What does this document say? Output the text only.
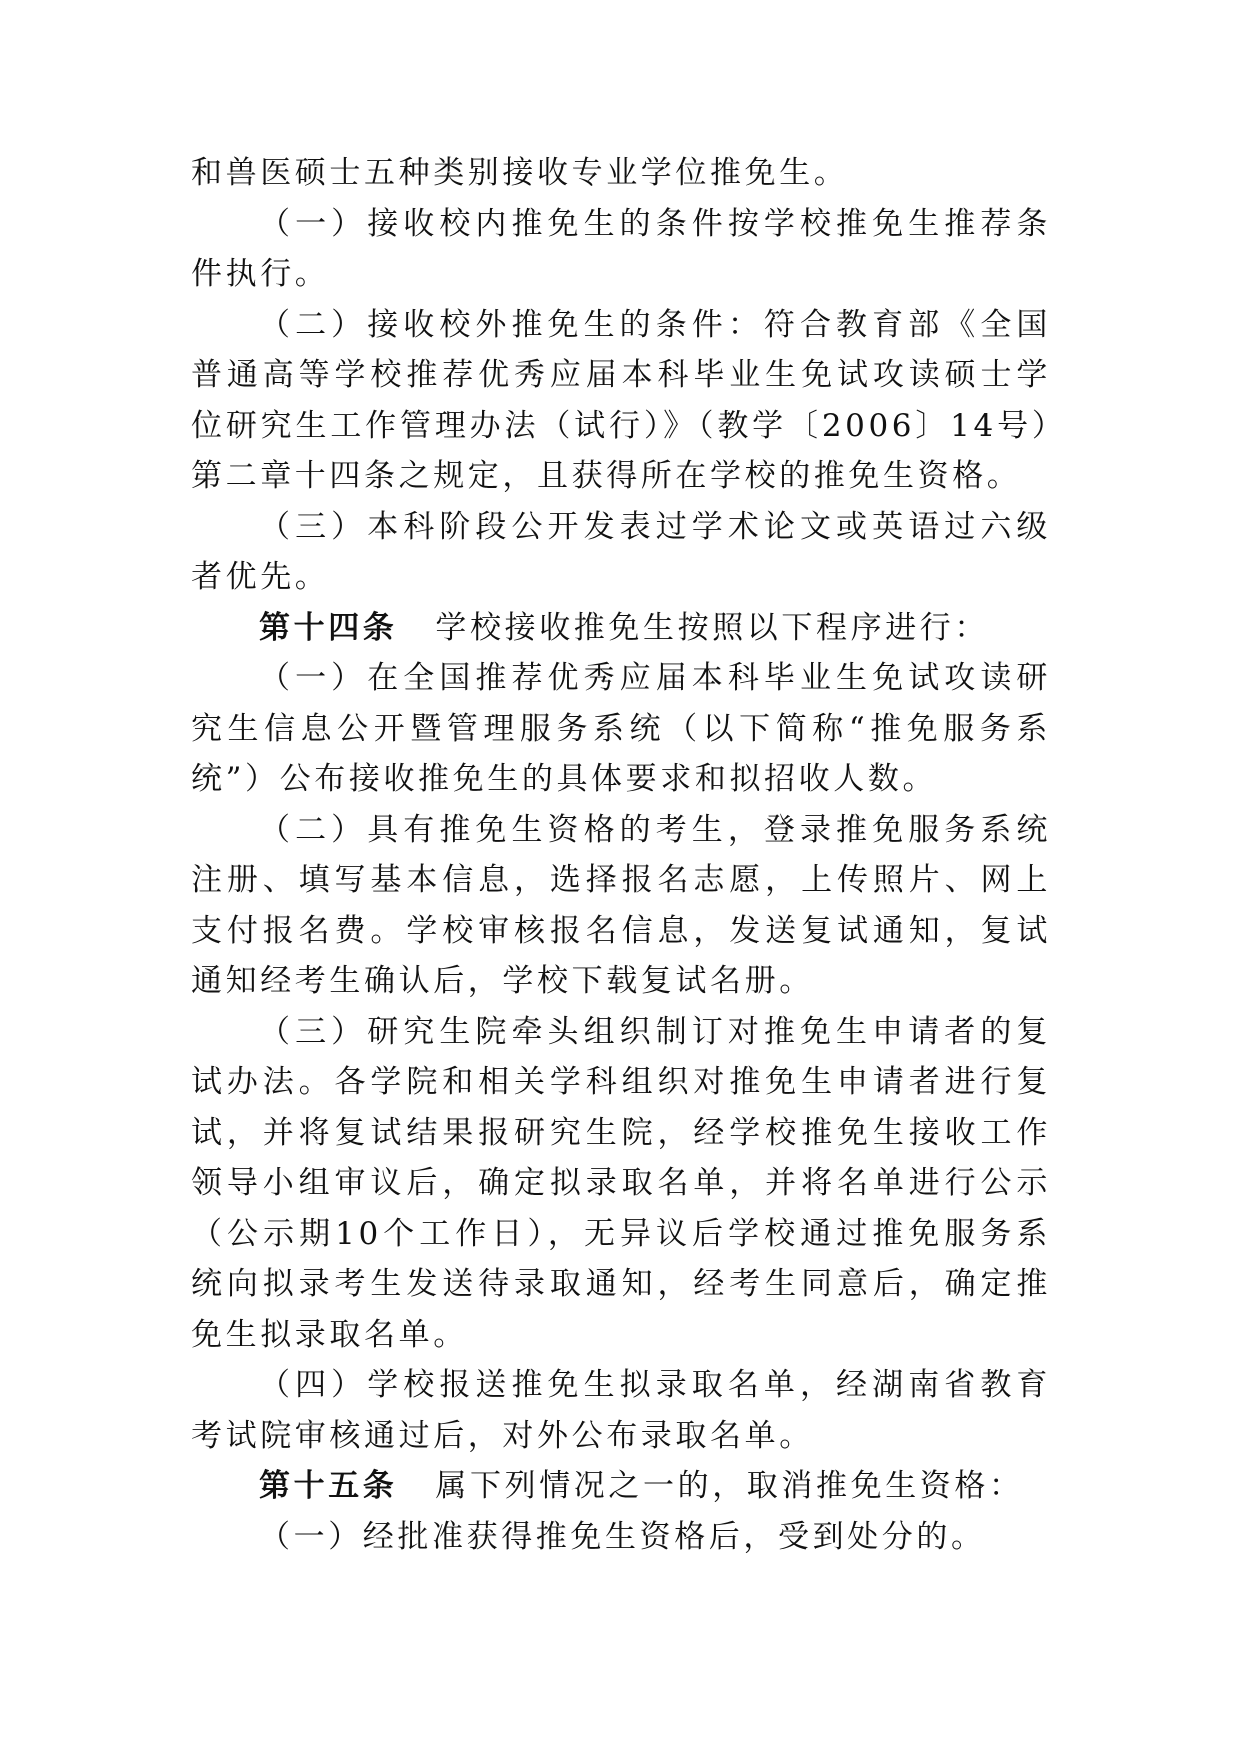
和兽医硕士五种类别接收专业学位推免生。

（一）接收校内推免生的条件按学校推免生推荐条件执行。

（二）接收校外推免生的条件：符合教育部《全国普通高等学校推荐优秀应届本科毕业生免试攻读硕士学位研究生工作管理办法（试行）》（教学〔2006〕14号）第二章十四条之规定，且获得所在学校的推免生资格。

（三）本科阶段公开发表过学术论文或英语过六级者优先。

第十四条 学校接收推免生按照以下程序进行：

（一）在全国推荐优秀应届本科毕业生免试攻读研究生信息公开暨管理服务系统（以下简称“推免服务系统”）公布接收推免生的具体要求和拟招收人数。

（二）具有推免生资格的考生，登录推免服务系统注册、填写基本信息，选择报名志愿，上传照片、网上支付报名费。学校审核报名信息，发送复试通知，复试通知经考生确认后，学校下载复试名册。

（三）研究生院牵头组织制订对推免生申请者的复试办法。各学院和相关学科组织对推免生申请者进行复试，并将复试结果报研究生院，经学校推免生接收工作领导小组审议后，确定拟录取名单，并将名单进行公示（公示期10个工作日），无异议后学校通过推免服务系统向拟录考生发送待录取通知，经考生同意后，确定推免生拟录取名单。

（四）学校报送推免生拟录取名单，经湖南省教育考试院审核通过后，对外公布录取名单。

第十五条 属下列情况之一的，取消推免生资格：

（一）经批准获得推免生资格后，受到处分的。
